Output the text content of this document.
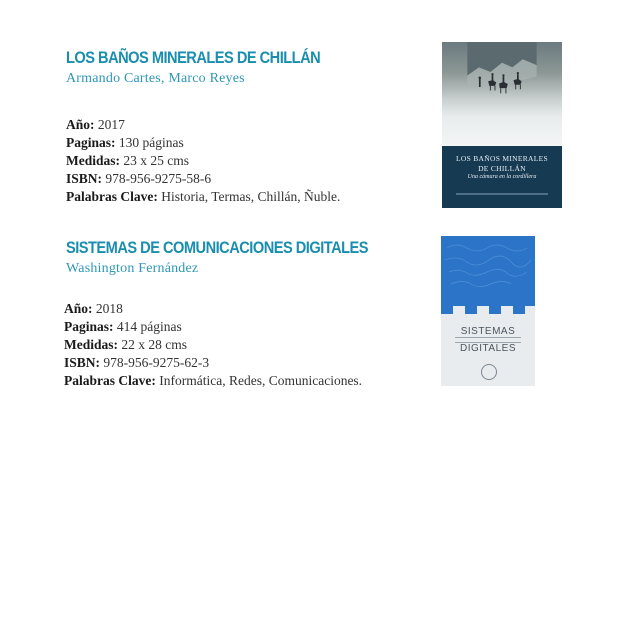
LOS BAÑOS MINERALES DE CHILLÁN
Armando Cartes, Marco Reyes
Año: 2017
Paginas: 130 páginas
Medidas: 23 x 25 cms
ISBN: 978-956-9275-58-6
Palabras Clave: Historia, Termas, Chillán, Ñuble.
LOS BAÑOS MINERALES
DE CHILLÁN
Una cámara en la cordillera
SISTEMAS DE COMUNICACIONES DIGITALES
Washington Fernández
Año: 2018
Paginas: 414 páginas
Medidas: 22 x 28 cms
ISBN: 978-956-9275-62-3
Palabras Clave: Informática, Redes, Comunicaciones.
SISTEMAS
DIGITALES
